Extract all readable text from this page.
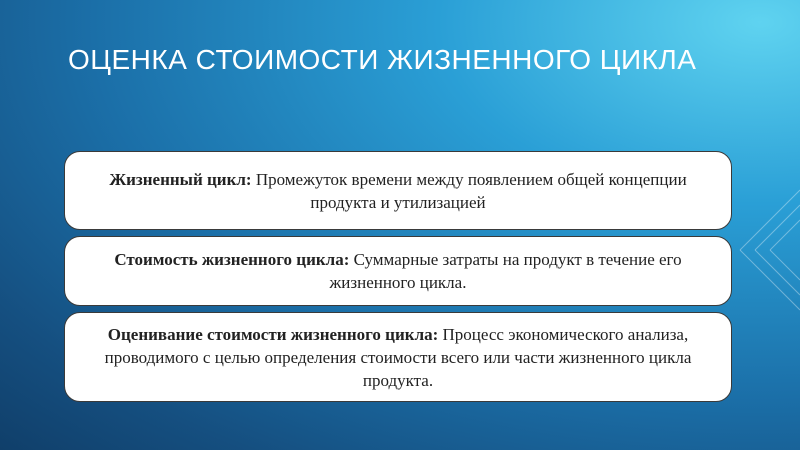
ОЦЕНКА СТОИМОСТИ ЖИЗНЕННОГО ЦИКЛА
Жизненный цикл: Промежуток времени между появлением общей концепции продукта и утилизацией
Стоимость жизненного цикла: Суммарные затраты на продукт в течение его жизненного цикла.
Оценивание стоимости жизненного цикла: Процесс экономического анализа, проводимого с целью определения стоимости всего или части жизненного цикла продукта.
